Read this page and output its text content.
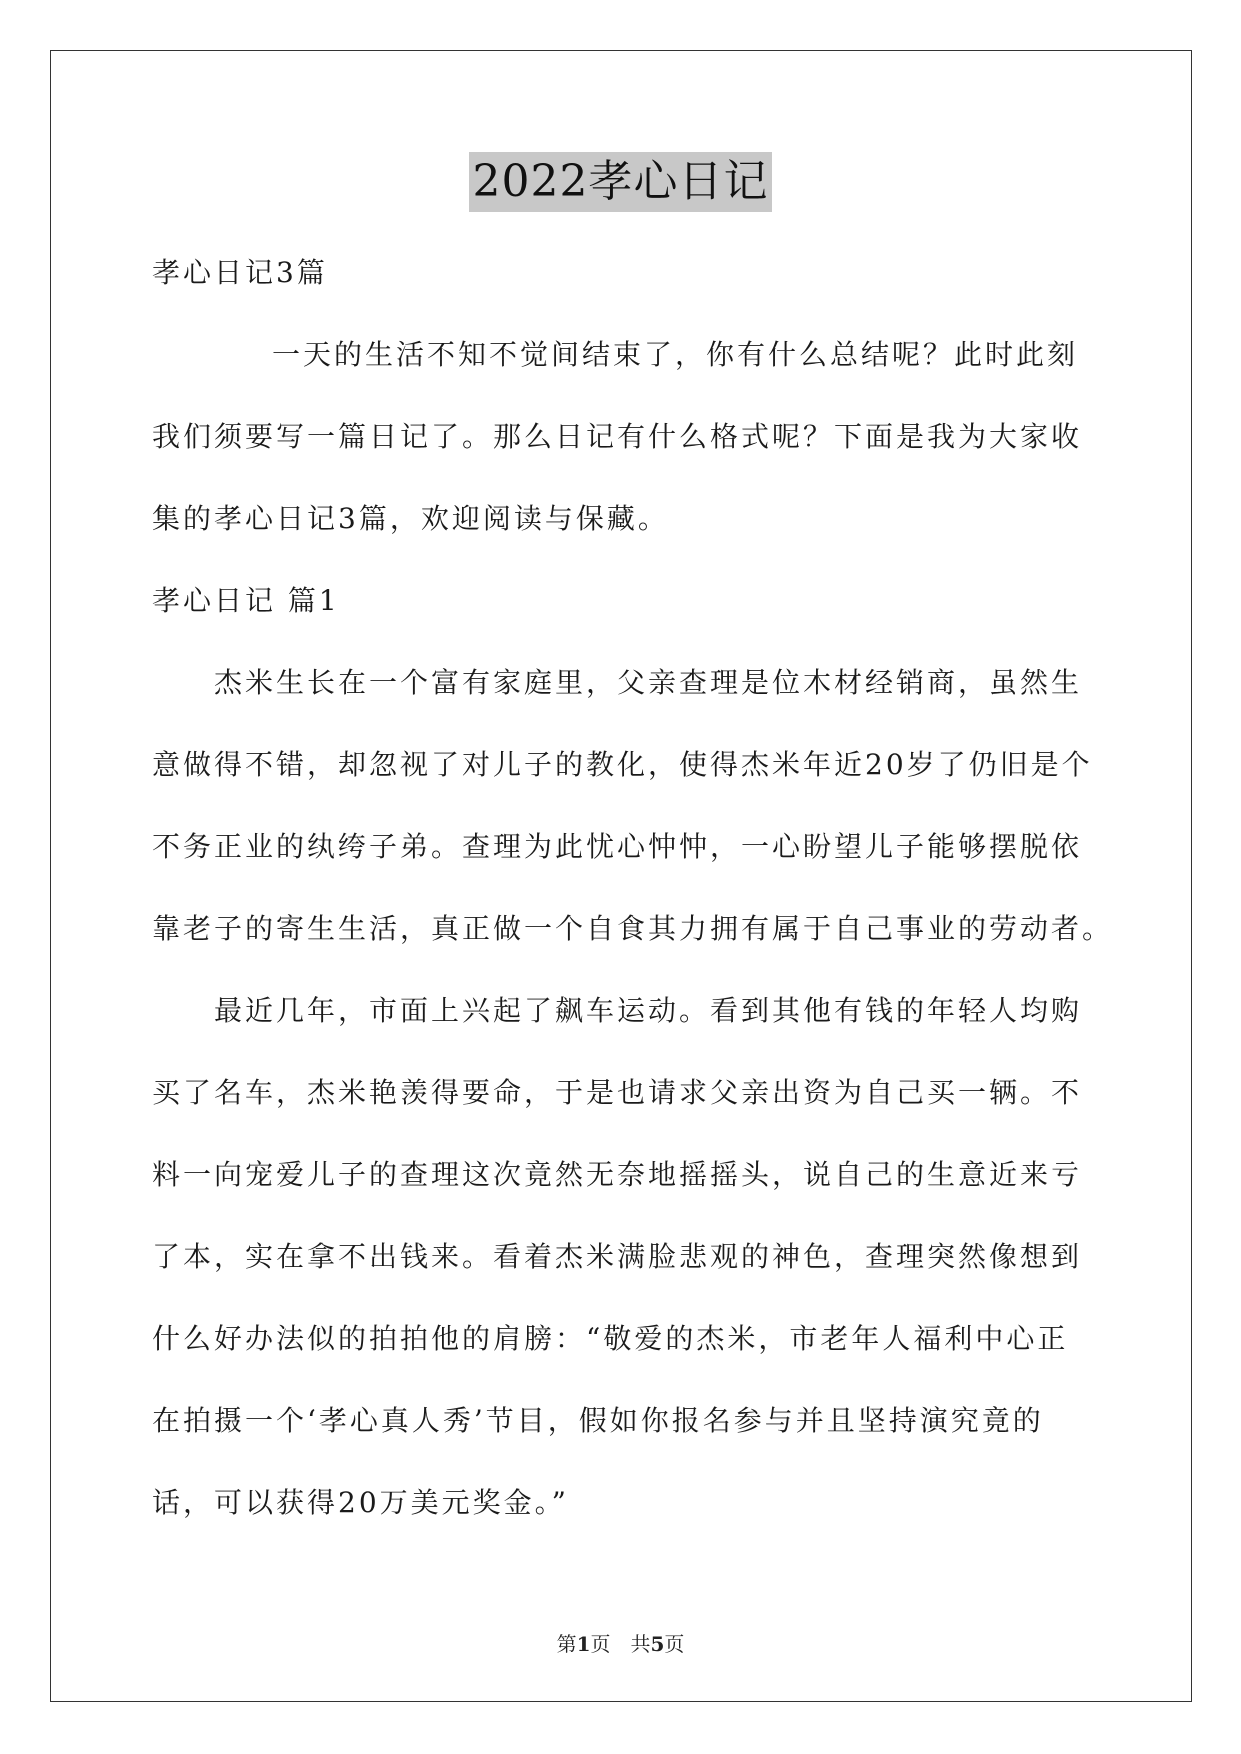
2022孝心日记
孝心日记3篇
一天的生活不知不觉间结束了，你有什么总结呢？此时此刻
我们须要写一篇日记了。那么日记有什么格式呢？下面是我为大家收
集的孝心日记3篇，欢迎阅读与保藏。
孝心日记 篇1
杰米生长在一个富有家庭里，父亲查理是位木材经销商，虽然生
意做得不错，却忽视了对儿子的教化，使得杰米年近20岁了仍旧是个
不务正业的纨绔子弟。查理为此忧心忡忡，一心盼望儿子能够摆脱依
靠老子的寄生生活，真正做一个自食其力拥有属于自己事业的劳动者。
最近几年，市面上兴起了飙车运动。看到其他有钱的年轻人均购
买了名车，杰米艳羡得要命，于是也请求父亲出资为自己买一辆。不
料一向宠爱儿子的查理这次竟然无奈地摇摇头，说自己的生意近来亏
了本，实在拿不出钱来。看着杰米满脸悲观的神色，查理突然像想到
什么好办法似的拍拍他的肩膀：“敬爱的杰米，市老年人福利中心正
在拍摄一个‘孝心真人秀’节目，假如你报名参与并且坚持演究竟的
话，可以获得20万美元奖金。”
第1页　共5页
